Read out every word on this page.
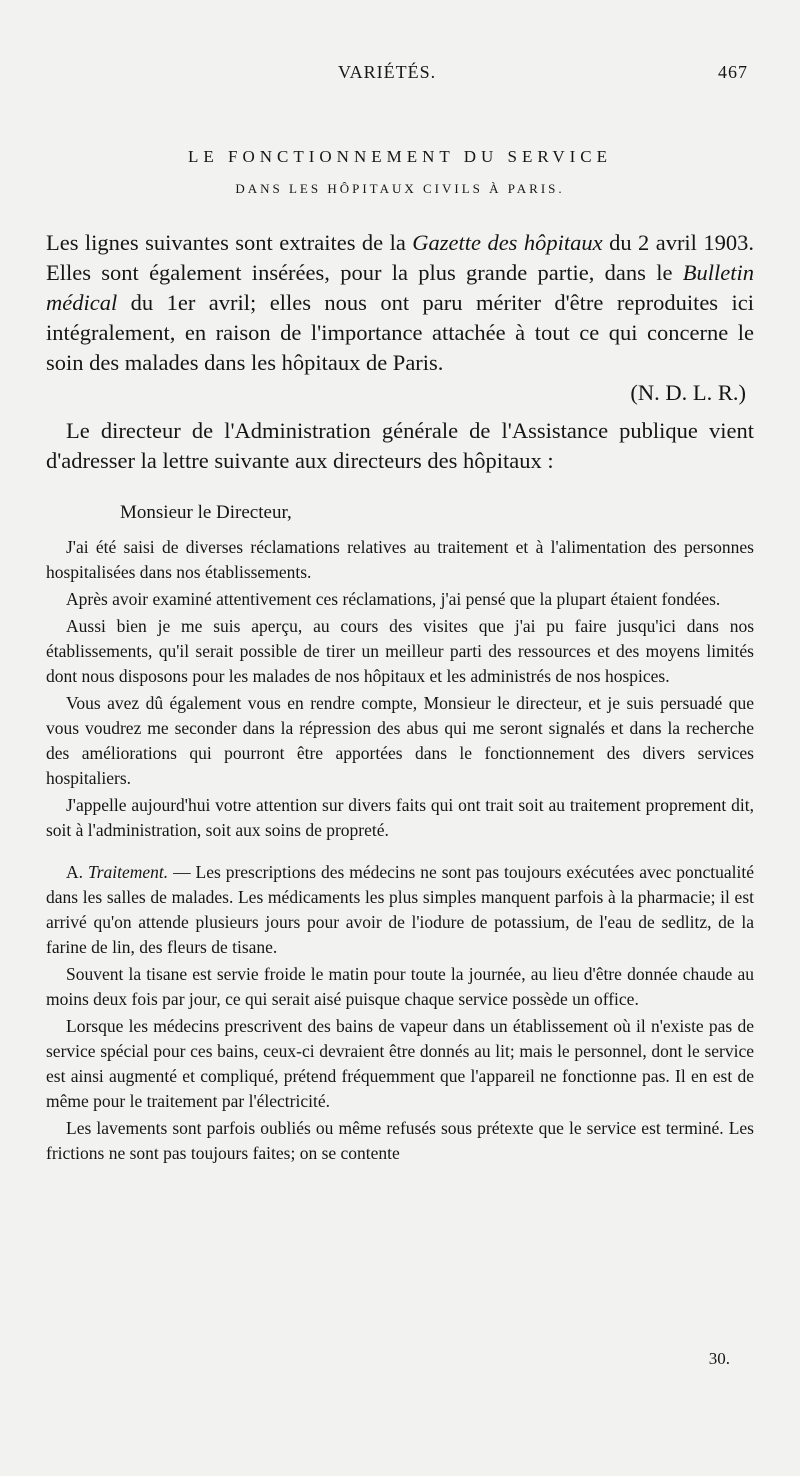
VARIÉTÉS.	467
LE FONCTIONNEMENT DU SERVICE
DANS LES HÔPITAUX CIVILS À PARIS.

Les lignes suivantes sont extraites de la Gazette des hôpitaux du 2 avril 1903. Elles sont également insérées, pour la plus grande partie, dans le Bulletin médical du 1er avril; elles nous ont paru mériter d'être reproduites ici intégralement, en raison de l'importance attachée à tout ce qui concerne le soin des malades dans les hôpitaux de Paris.

(N. D. L. R.)

Le directeur de l'Administration générale de l'Assistance publique vient d'adresser la lettre suivante aux directeurs des hôpitaux :

Monsieur le Directeur,

J'ai été saisi de diverses réclamations relatives au traitement et à l'alimentation des personnes hospitalisées dans nos établissements.

Après avoir examiné attentivement ces réclamations, j'ai pensé que la plupart étaient fondées.

Aussi bien je me suis aperçu, au cours des visites que j'ai pu faire jusqu'ici dans nos établissements, qu'il serait possible de tirer un meilleur parti des ressources et des moyens limités dont nous disposons pour les malades de nos hôpitaux et les administrés de nos hospices.

Vous avez dû également vous en rendre compte, Monsieur le directeur, et je suis persuadé que vous voudrez me seconder dans la répression des abus qui me seront signalés et dans la recherche des améliorations qui pourront être apportées dans le fonctionnement des divers services hospitaliers.

J'appelle aujourd'hui votre attention sur divers faits qui ont trait soit au traitement proprement dit, soit à l'administration, soit aux soins de propreté.

A. Traitement. — Les prescriptions des médecins ne sont pas toujours exécutées avec ponctualité dans les salles de malades. Les médicaments les plus simples manquent parfois à la pharmacie; il est arrivé qu'on attende plusieurs jours pour avoir de l'iodure de potassium, de l'eau de sedlitz, de la farine de lin, des fleurs de tisane.

Souvent la tisane est servie froide le matin pour toute la journée, au lieu d'être donnée chaude au moins deux fois par jour, ce qui serait aisé puisque chaque service possède un office.

Lorsque les médecins prescrivent des bains de vapeur dans un établissement où il n'existe pas de service spécial pour ces bains, ceux-ci devraient être donnés au lit; mais le personnel, dont le service est ainsi augmenté et compliqué, prétend fréquemment que l'appareil ne fonctionne pas. Il en est de même pour le traitement par l'électricité.

Les lavements sont parfois oubliés ou même refusés sous prétexte que le service est terminé. Les frictions ne sont pas toujours faites; on se contente

30.
